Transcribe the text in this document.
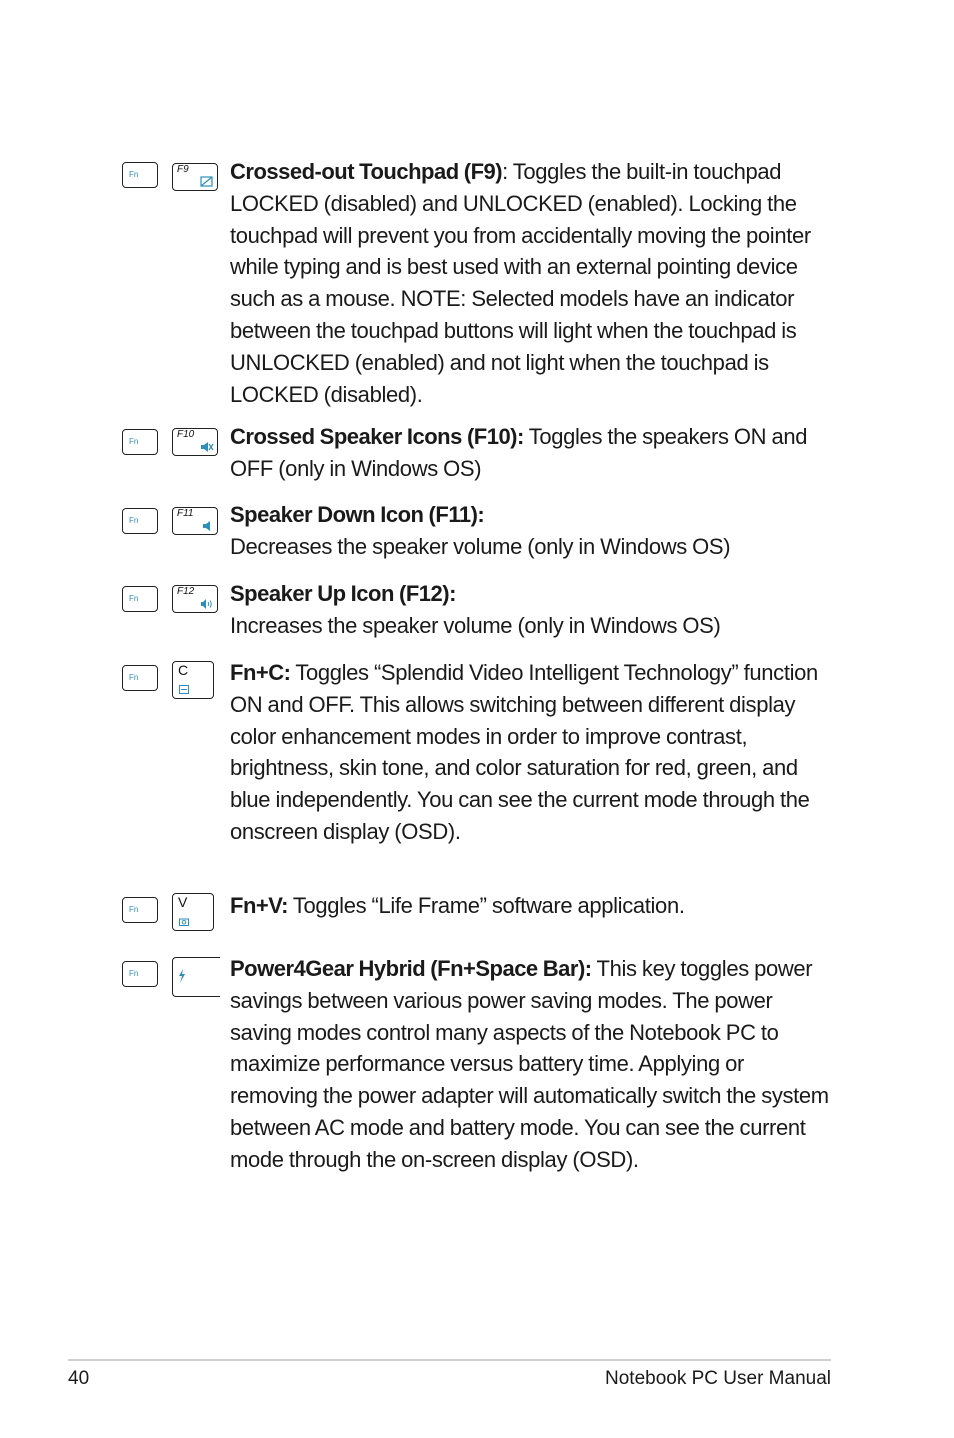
Fn	F9 Crossed-out Touchpad (F9): Toggles the built-in touchpad LOCKED (disabled) and UNLOCKED (enabled). Locking the touchpad will prevent you from accidentally moving the pointer while typing and is best used with an external pointing device such as a mouse. NOTE: Selected models have an indicator between the touchpad buttons will light when the touchpad is UNLOCKED (enabled) and not light when the touchpad is LOCKED (disabled).
Fn
F10 Crossed Speaker Icons (F10): Toggles the speakers ON and OFF (only in Windows OS)
Fn
F11 Speaker Down Icon (F11):
Decreases the speaker volume (only in Windows OS)
Fn
F12 Speaker Up Icon (F12):
Increases the speaker volume (only in Windows OS)
Fn	C Fn+C: Toggles “Splendid Video Intelligent Technology” function ON and OFF. This allows switching between different display color enhancement modes in order to improve contrast, brightness, skin tone, and color saturation for red, green, and blue independently. You can see the current mode through the onscreen display (OSD).
Fn	V Fn+V: Toggles “Life Frame” software application.
Fn	Power4Gear Hybrid (Fn+Space Bar): This key toggles power savings between various power saving modes. The power saving modes control many aspects of the Notebook PC to maximize performance versus battery time. Applying or removing the power adapter will automatically switch the system between AC mode and battery mode. You can see the current mode through the on-screen display (OSD).
40	Notebook PC User Manual
